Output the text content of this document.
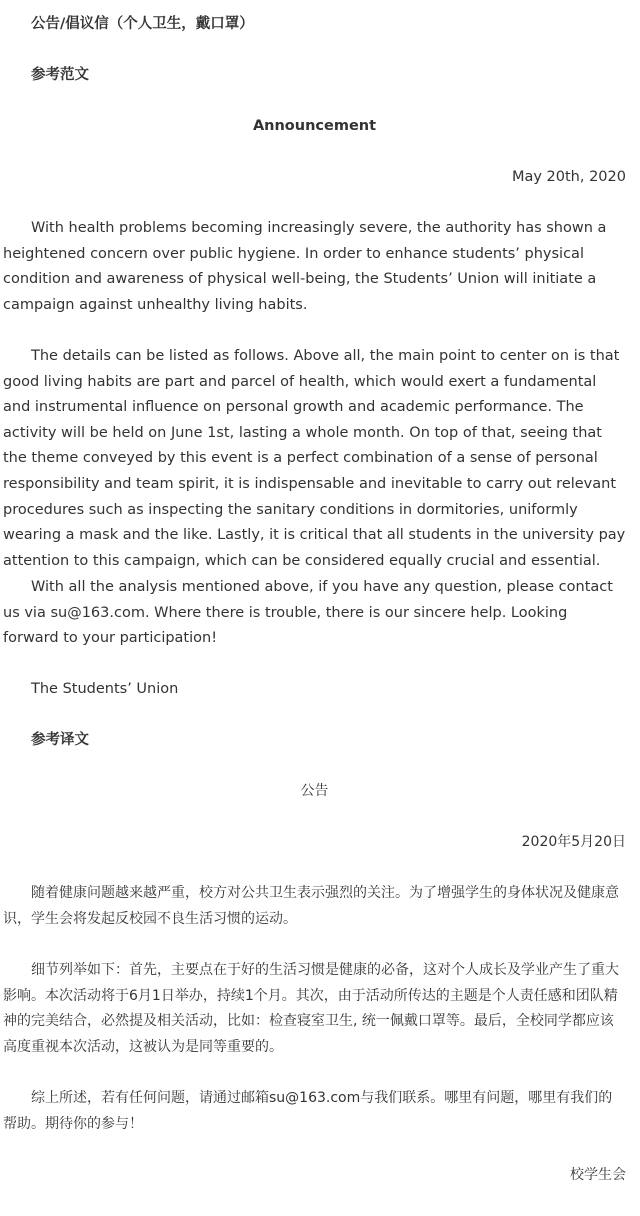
公告/倡议信（个人卫生，戴口罩）
参考范文
Announcement
May 20th, 2020
With health problems becoming increasingly severe, the authority has shown a heightened concern over public hygiene. In order to enhance students’ physical condition and awareness of physical well-being, the Students’ Union will initiate a campaign against unhealthy living habits.
The details can be listed as follows. Above all, the main point to center on is that good living habits are part and parcel of health, which would exert a fundamental and instrumental influence on personal growth and academic performance. The activity will be held on June 1st, lasting a whole month. On top of that, seeing that the theme conveyed by this event is a perfect combination of a sense of personal responsibility and team spirit, it is indispensable and inevitable to carry out relevant procedures such as inspecting the sanitary conditions in dormitories, uniformly wearing a mask and the like. Lastly, it is critical that all students in the university pay attention to this campaign, which can be considered equally crucial and essential.
With all the analysis mentioned above, if you have any question, please contact us via su@163.com. Where there is trouble, there is our sincere help. Looking forward to your participation!
The Students’ Union
参考译文
公告
2020年5月20日
随着健康问题越来越严重，校方对公共卫生表示强烈的关注。为了增强学生的身体状况及健康意识，学生会将发起反校园不良生活习惯的运动。
细节列举如下：首先，主要点在于好的生活习惯是健康的必备，这对个人成长及学业产生了重大影响。本次活动将于6月1日举办，持续1个月。其次，由于活动所传达的主题是个人责任感和团队精神的完美结合，必然提及相关活动，比如：检查寝室卫生, 统一佩戴口罩等。最后，全校同学都应该高度重视本次活动，这被认为是同等重要的。
综上所述，若有任何问题，请通过邮箱su@163.com与我们联系。哪里有问题，哪里有我们的帮助。期待你的参与！
校学生会
